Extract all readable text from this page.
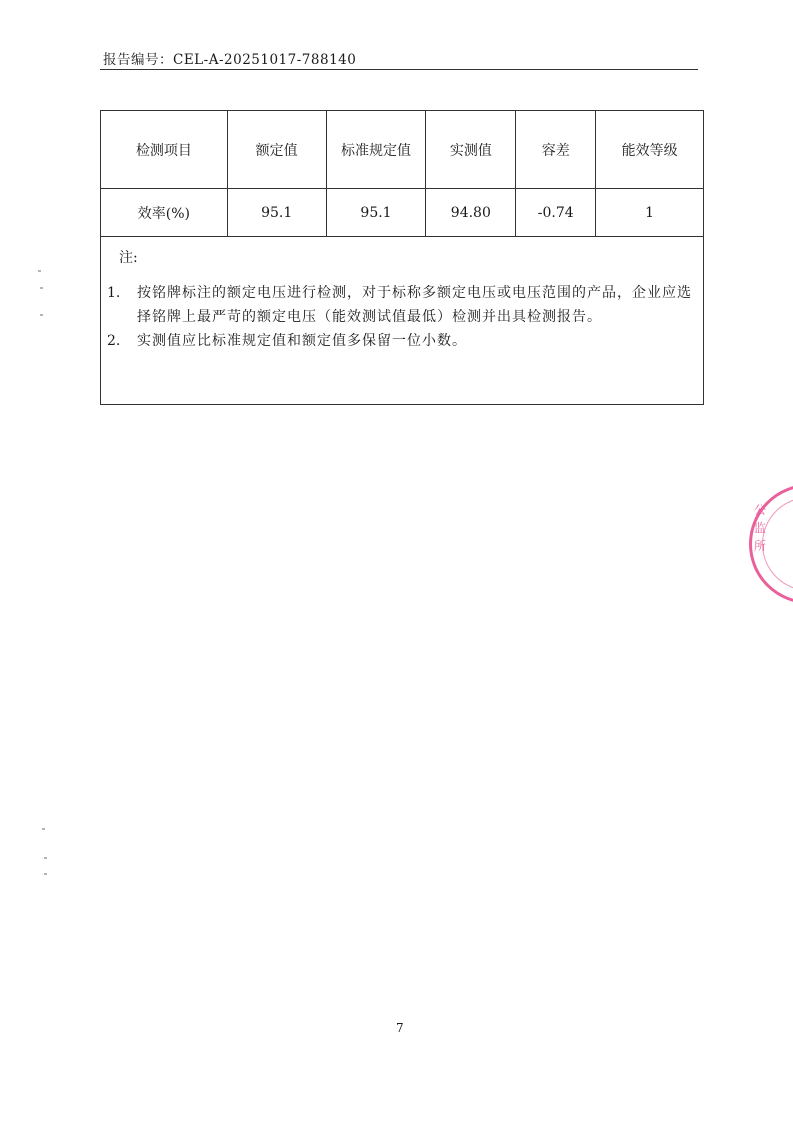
报告编号：CEL-A-20251017-788140
检测项目	额定值	标准规定值	实测值	容差	能效等级
效率(%)	95.1	95.1	94.80	-0.74	1

注:
1. 按铭牌标注的额定电压进行检测，对于标称多额定电压或电压范围的产品，企业应选择铭牌上最严苛的额定电压（能效测试值最低）检测并出具检测报告。
2. 实测值应比标准规定值和额定值多保留一位小数。					
公监所
7
